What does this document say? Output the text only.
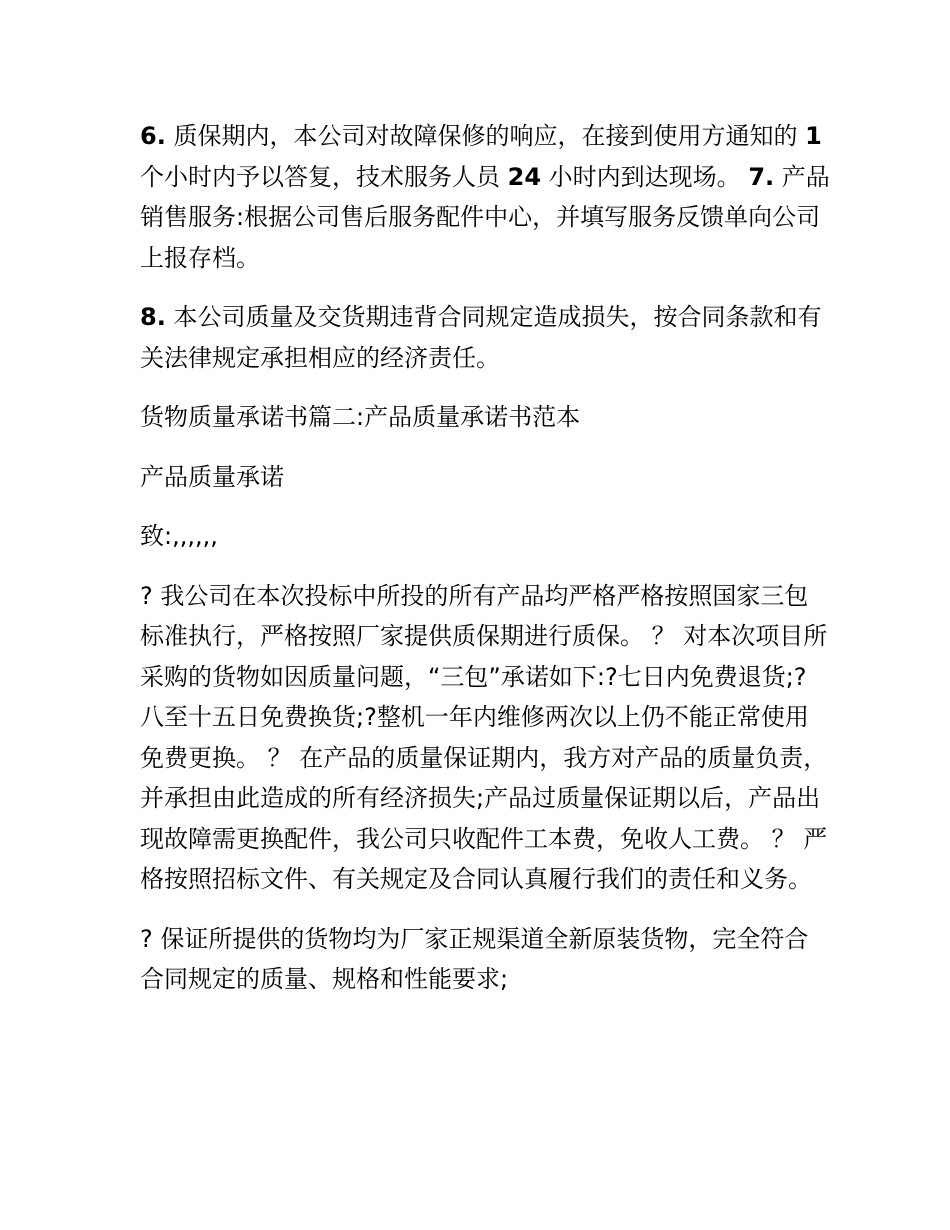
6. 质保期内，本公司对故障保修的响应，在接到使用方通知的 1 个小时内予以答复，技术服务人员 24 小时内到达现场。 7. 产品销售服务:根据公司售后服务配件中心，并填写服务反馈单向公司上报存档。

8. 本公司质量及交货期违背合同规定造成损失，按合同条款和有关法律规定承担相应的经济责任。

货物质量承诺书篇二:产品质量承诺书范本

产品质量承诺

致:,,,,,,

? 我公司在本次投标中所投的所有产品均严格严格按照国家三包标准执行，严格按照厂家提供质保期进行质保。 ？ 对本次项目所采购的货物如因质量问题，“三包”承诺如下:?七日内免费退货;?八至十五日免费换货;?整机一年内维修两次以上仍不能正常使用免费更换。 ？ 在产品的质量保证期内，我方对产品的质量负责，并承担由此造成的所有经济损失;产品过质量保证期以后，产品出现故障需更换配件，我公司只收配件工本费，免收人工费。 ？ 严格按照招标文件、有关规定及合同认真履行我们的责任和义务。

? 保证所提供的货物均为厂家正规渠道全新原装货物，完全符合合同规定的质量、规格和性能要求;
